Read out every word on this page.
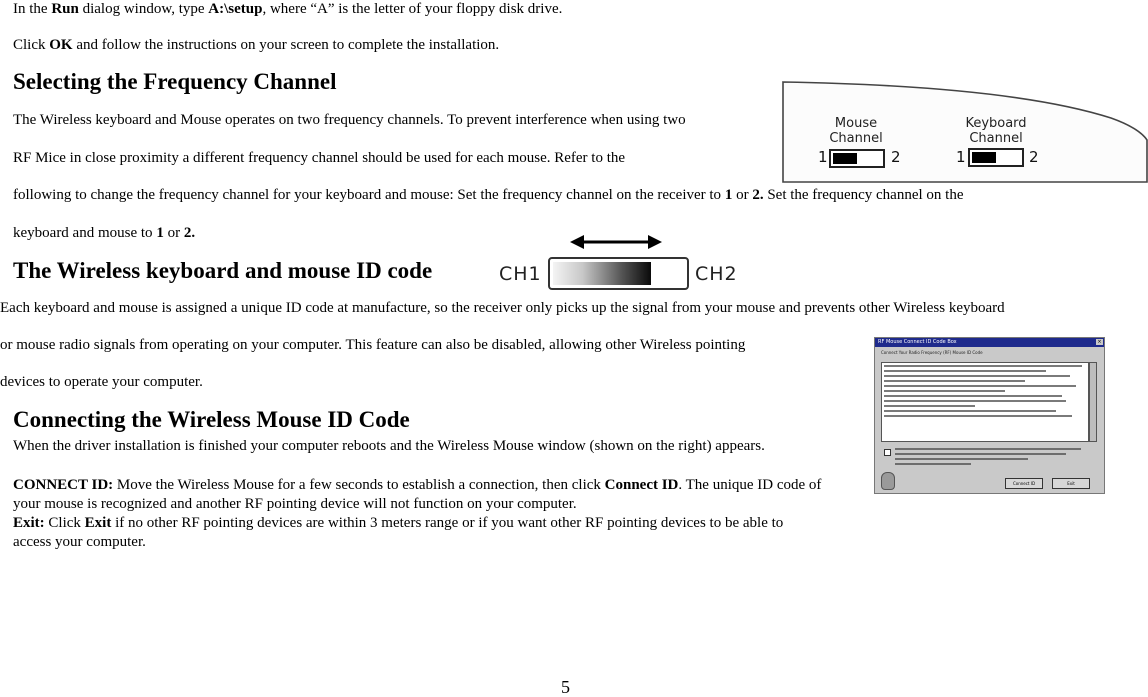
In the Run dialog window, type A:\setup, where “A” is the letter of your floppy disk drive.
Click OK and follow the instructions on your screen to complete the installation.
Selecting the Frequency Channel
The Wireless keyboard and Mouse operates on two frequency channels. To prevent interference when using two
RF Mice in close proximity a different frequency channel should be used for each mouse. Refer to the
following to change the frequency channel for your keyboard and mouse: Set the frequency channel on the receiver to 1 or 2. Set the frequency channel on the
keyboard and mouse to 1 or 2.
Mouse
Channel
1	2
Keyboard
Channel
1	2
The Wireless keyboard and mouse ID code	CH1	CH2
Each keyboard and mouse is assigned a unique ID code at manufacture, so the receiver only picks up the signal from your mouse and prevents other Wireless keyboard
or mouse radio signals from operating on your computer. This feature can also be disabled, allowing other Wireless pointing
devices to operate your computer.
Connecting the Wireless Mouse ID Code
When the driver installation is finished your computer reboots and the Wireless Mouse window (shown on the right) appears.
CONNECT ID: Move the Wireless Mouse for a few seconds to establish a connection, then click Connect ID. The unique ID code of your mouse is recognized and another RF pointing device will not function on your computer.
Exit: Click Exit if no other RF pointing devices are within 3 meters range or if you want other RF pointing devices to be able to access your computer.
RF Mouse Connect ID Code Box	×
Connect Your Radio Frequency (RF) Mouse ID Code
Connect ID	Exit
5
